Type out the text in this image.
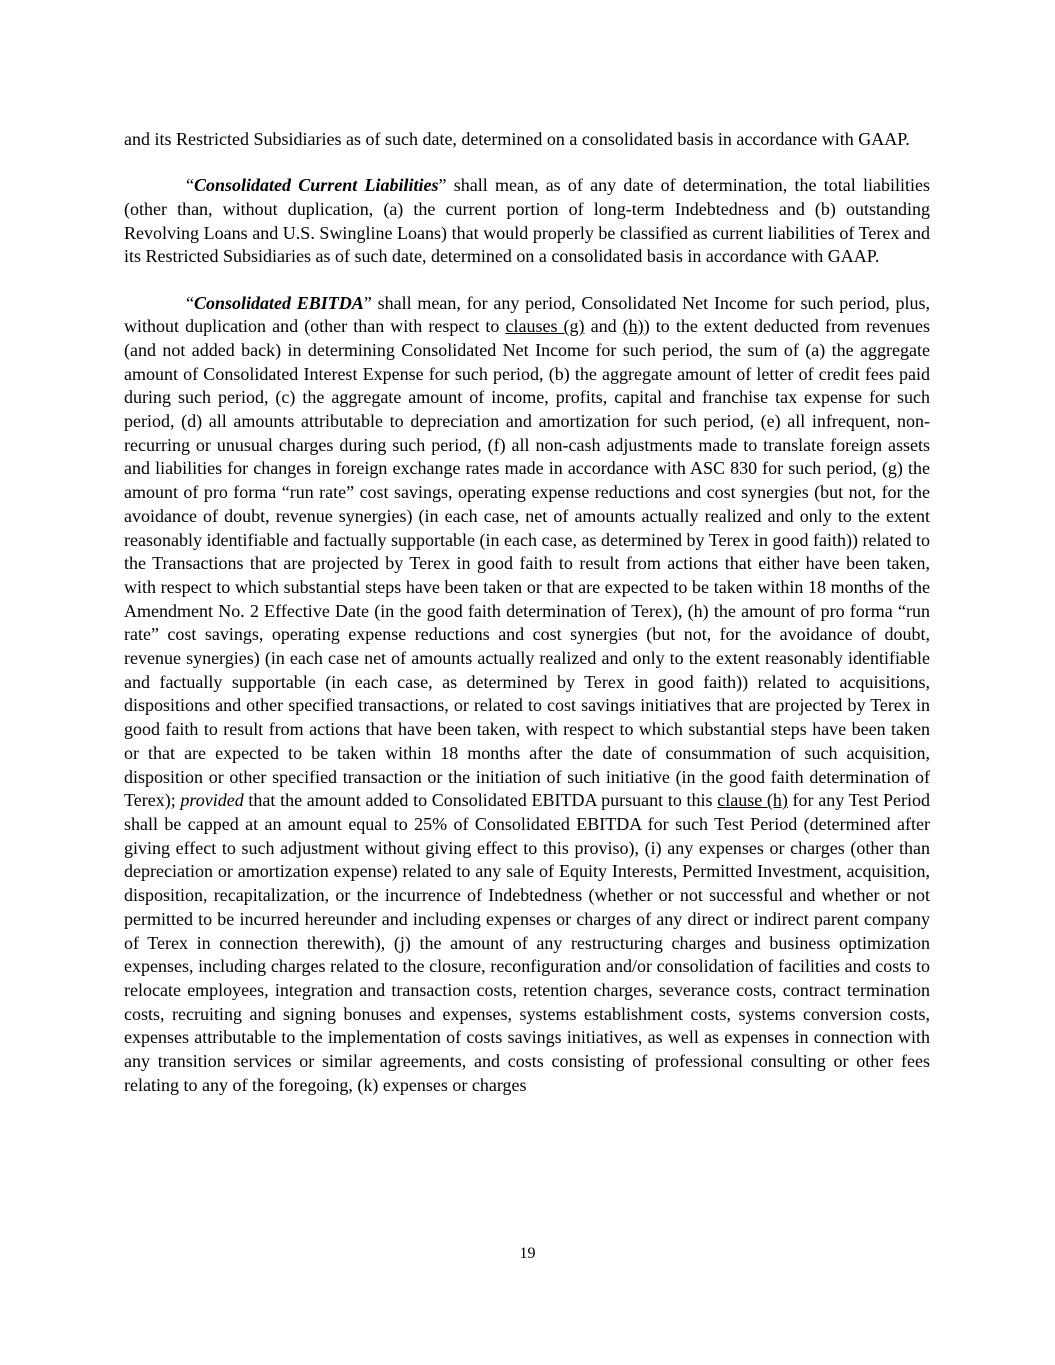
and its Restricted Subsidiaries as of such date, determined on a consolidated basis in accordance with GAAP.

“Consolidated Current Liabilities” shall mean, as of any date of determination, the total liabilities (other than, without duplication, (a) the current portion of long-term Indebtedness and (b) outstanding Revolving Loans and U.S. Swingline Loans) that would properly be classified as current liabilities of Terex and its Restricted Subsidiaries as of such date, determined on a consolidated basis in accordance with GAAP.

“Consolidated EBITDA” shall mean, for any period, Consolidated Net Income for such period, plus, without duplication and (other than with respect to clauses (g) and (h)) to the extent deducted from revenues (and not added back) in determining Consolidated Net Income for such period, the sum of (a) the aggregate amount of Consolidated Interest Expense for such period, (b) the aggregate amount of letter of credit fees paid during such period, (c) the aggregate amount of income, profits, capital and franchise tax expense for such period, (d) all amounts attributable to depreciation and amortization for such period, (e) all infrequent, non-recurring or unusual charges during such period, (f) all non-cash adjustments made to translate foreign assets and liabilities for changes in foreign exchange rates made in accordance with ASC 830 for such period, (g) the amount of pro forma “run rate” cost savings, operating expense reductions and cost synergies (but not, for the avoidance of doubt, revenue synergies) (in each case, net of amounts actually realized and only to the extent reasonably identifiable and factually supportable (in each case, as determined by Terex in good faith)) related to the Transactions that are projected by Terex in good faith to result from actions that either have been taken, with respect to which substantial steps have been taken or that are expected to be taken within 18 months of the Amendment No. 2 Effective Date (in the good faith determination of Terex), (h) the amount of pro forma “run rate” cost savings, operating expense reductions and cost synergies (but not, for the avoidance of doubt, revenue synergies) (in each case net of amounts actually realized and only to the extent reasonably identifiable and factually supportable (in each case, as determined by Terex in good faith)) related to acquisitions, dispositions and other specified transactions, or related to cost savings initiatives that are projected by Terex in good faith to result from actions that have been taken, with respect to which substantial steps have been taken or that are expected to be taken within 18 months after the date of consummation of such acquisition, disposition or other specified transaction or the initiation of such initiative (in the good faith determination of Terex); provided that the amount added to Consolidated EBITDA pursuant to this clause (h) for any Test Period shall be capped at an amount equal to 25% of Consolidated EBITDA for such Test Period (determined after giving effect to such adjustment without giving effect to this proviso), (i) any expenses or charges (other than depreciation or amortization expense) related to any sale of Equity Interests, Permitted Investment, acquisition, disposition, recapitalization, or the incurrence of Indebtedness (whether or not successful and whether or not permitted to be incurred hereunder and including expenses or charges of any direct or indirect parent company of Terex in connection therewith), (j) the amount of any restructuring charges and business optimization expenses, including charges related to the closure, reconfiguration and/or consolidation of facilities and costs to relocate employees, integration and transaction costs, retention charges, severance costs, contract termination costs, recruiting and signing bonuses and expenses, systems establishment costs, systems conversion costs, expenses attributable to the implementation of costs savings initiatives, as well as expenses in connection with any transition services or similar agreements, and costs consisting of professional consulting or other fees relating to any of the foregoing, (k) expenses or charges

19
